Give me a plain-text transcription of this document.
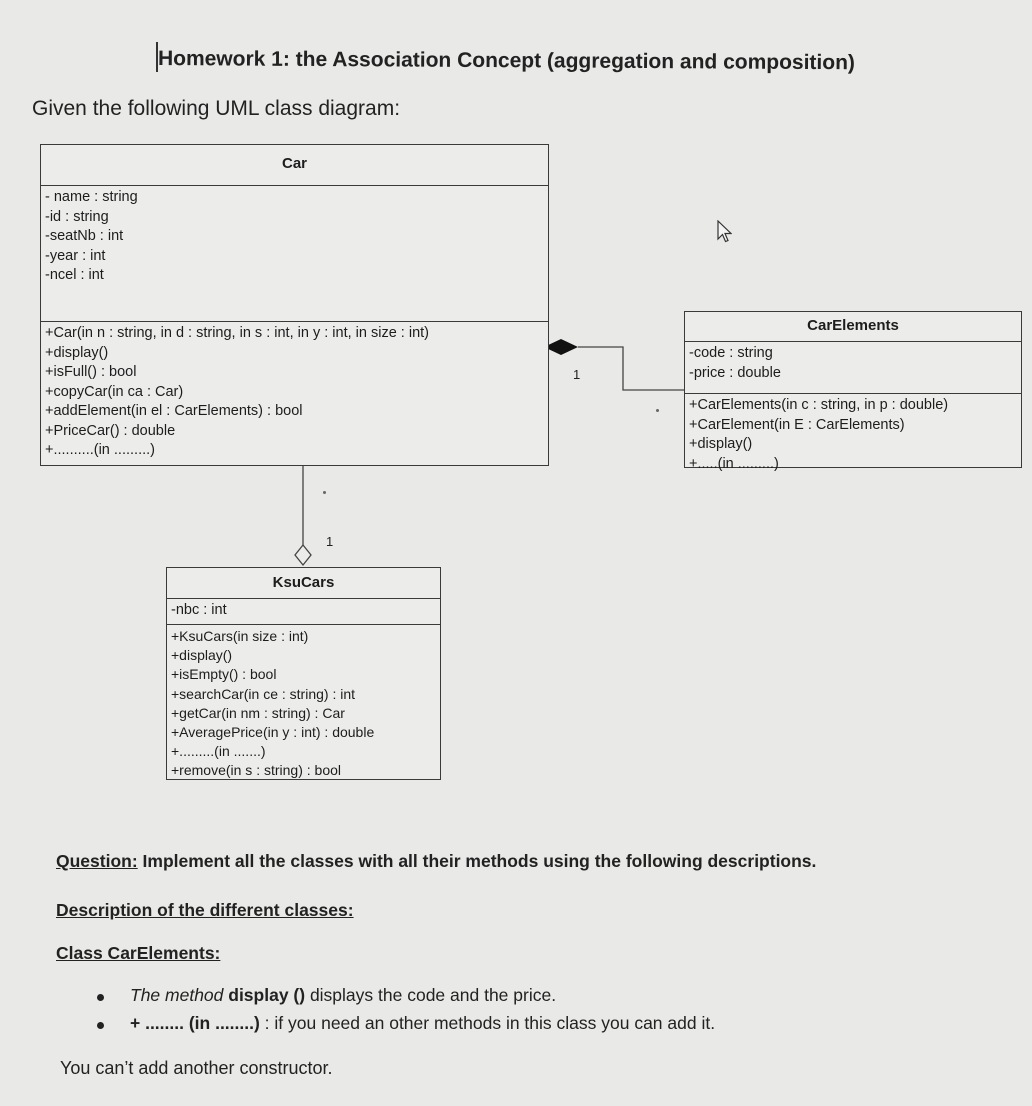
Homework 1: the Association Concept (aggregation and composition)
Given the following UML class diagram:
1
1
Car
- name : string
-id : string
-seatNb : int
-year : int
-ncel : int
+Car(in n : string, in d : string, in s : int, in y : int, in size : int)
+display()
+isFull() : bool
+copyCar(in ca : Car)
+addElement(in el : CarElements) : bool
+PriceCar() : double
+..........(in .........)
CarElements
-code : string
-price : double
+CarElements(in c : string, in p : double)
+CarElement(in E : CarElements)
+display()
+.....(in .........)
KsuCars
-nbc : int
+KsuCars(in size : int)
+display()
+isEmpty() : bool
+searchCar(in ce : string) : int
+getCar(in nm : string) : Car
+AveragePrice(in y : int) : double
+.........(in .......)
+remove(in s : string) : bool
Question: Implement all the classes with all their methods using the following descriptions.
Description of the different classes:
Class CarElements:
The method display () displays the code and the price.
+ ........ (in ........) : if you need an other methods in this class you can add it.
You can’t add another constructor.
